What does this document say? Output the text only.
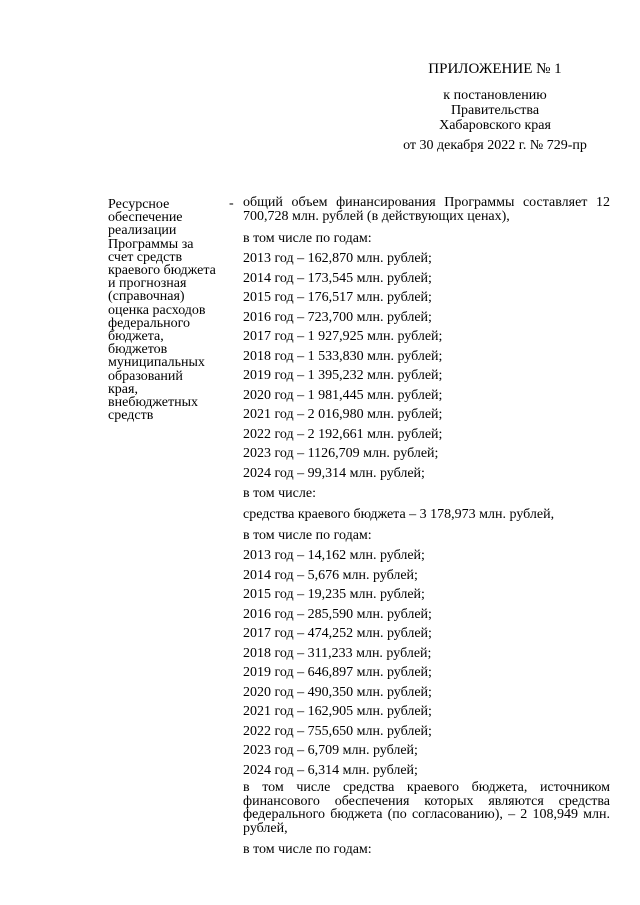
ПРИЛОЖЕНИЕ № 1
к постановлению
Правительства
Хабаровского края
от 30 декабря 2022 г. № 729-пр
Ресурсное
обеспечение
реализации
Программы за
счет средств
краевого бюджета
и прогнозная
(справочная)
оценка расходов
федерального
бюджета,
бюджетов
муниципальных
образований
края,
внебюджетных
средств
- общий объем финансирования Программы составляет 12 700,728 млн. рублей (в действующих ценах),
в том числе по годам:
2013 год – 162,870 млн. рублей;
2014 год – 173,545 млн. рублей;
2015 год – 176,517 млн. рублей;
2016 год – 723,700 млн. рублей;
2017 год – 1 927,925 млн. рублей;
2018 год – 1 533,830 млн. рублей;
2019 год – 1 395,232 млн. рублей;
2020 год – 1 981,445 млн. рублей;
2021 год – 2 016,980 млн. рублей;
2022 год – 2 192,661 млн. рублей;
2023 год – 1126,709 млн. рублей;
2024 год – 99,314 млн. рублей;
в том числе:
средства краевого бюджета – 3 178,973 млн. рублей,
в том числе по годам:
2013 год – 14,162 млн. рублей;
2014 год – 5,676 млн. рублей;
2015 год – 19,235 млн. рублей;
2016 год – 285,590 млн. рублей;
2017 год – 474,252 млн. рублей;
2018 год – 311,233 млн. рублей;
2019 год – 646,897 млн. рублей;
2020 год – 490,350 млн. рублей;
2021 год – 162,905 млн. рублей;
2022 год – 755,650 млн. рублей;
2023 год – 6,709 млн. рублей;
2024 год – 6,314 млн. рублей;
в том числе средства краевого бюджета, источником финансового обеспечения которых являются средства федерального бюджета (по согласованию), – 2 108,949 млн. рублей,
в том числе по годам:
